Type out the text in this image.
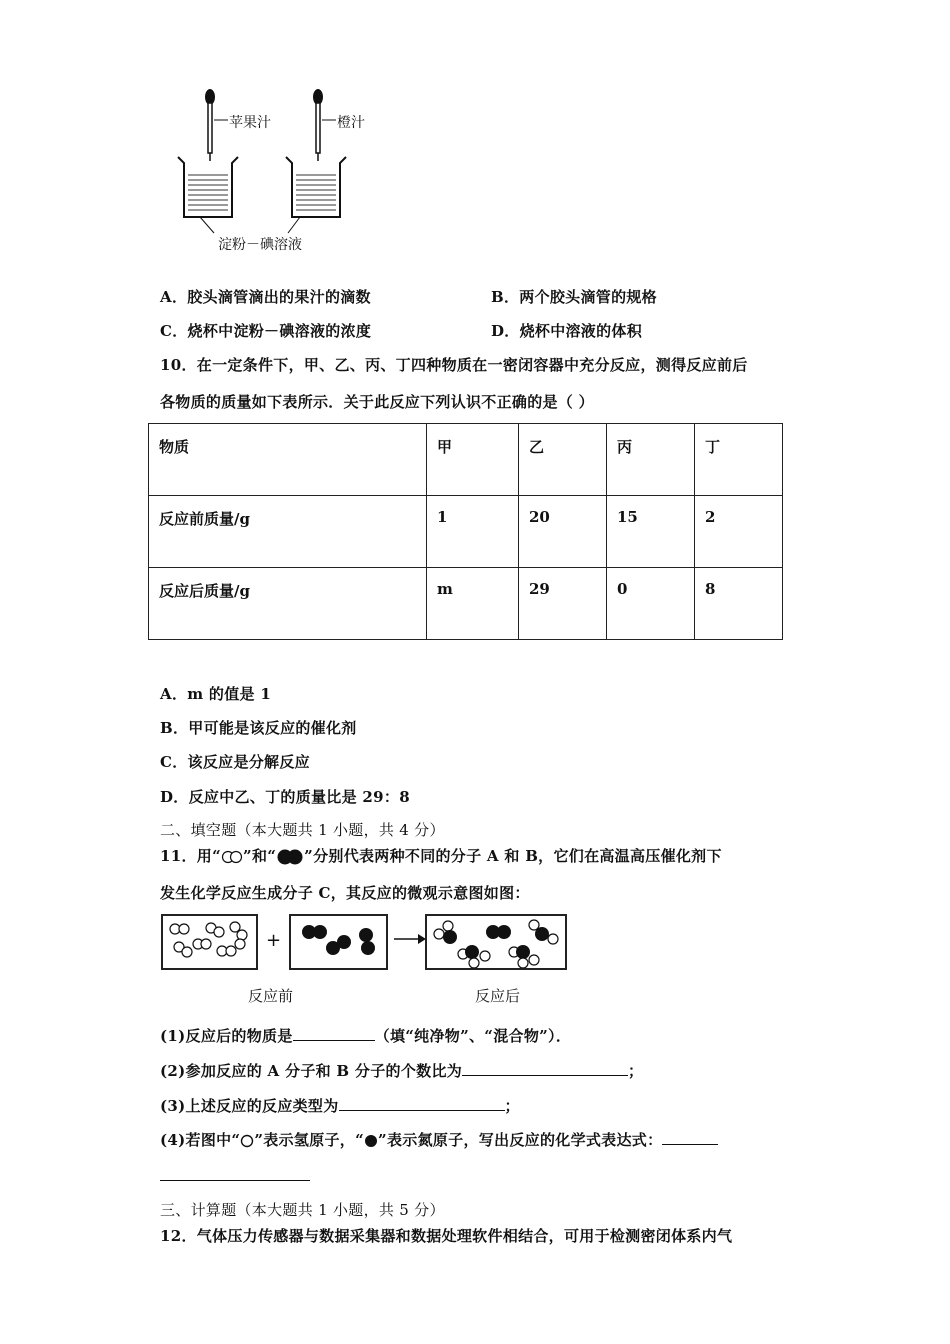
苹果汁	橙汁
淀粉－碘溶液
A．胶头滴管滴出的果汁的滴数	B．两个胶头滴管的规格
C．烧杯中淀粉－碘溶液的浓度	D．烧杯中溶液的体积
10．在一定条件下，甲、乙、丙、丁四种物质在一密闭容器中充分反应，测得反应前后
各物质的质量如下表所示．关于此反应下列认识不正确的是（ ）
物质	甲	乙	丙	丁
反应前质量/g	1	20	15	2
反应后质量/g	m	29	0	8
A．m 的值是 1
B．甲可能是该反应的催化剂
C．该反应是分解反应
D．反应中乙、丁的质量比是 29：8
二、填空题（本大题共 1 小题，共 4 分）
11．用“ ”和“ ”分别代表两种不同的分子 A 和 B，它们在高温高压催化剂下
发生化学反应生成分子 C，其反应的微观示意图如图：
+
反应前	反应后
(1)反应后的物质是	（填“纯净物”、“混合物”）．
(2)参加反应的 A 分子和 B 分子的个数比为	；
(3)上述反应的反应类型为	；
(4)若图中“ ”表示氢原子，“ ”表示氮原子，写出反应的化学式表达式：
三、计算题（本大题共 1 小题，共 5 分）
12．气体压力传感器与数据采集器和数据处理软件相结合，可用于检测密闭体系内气
